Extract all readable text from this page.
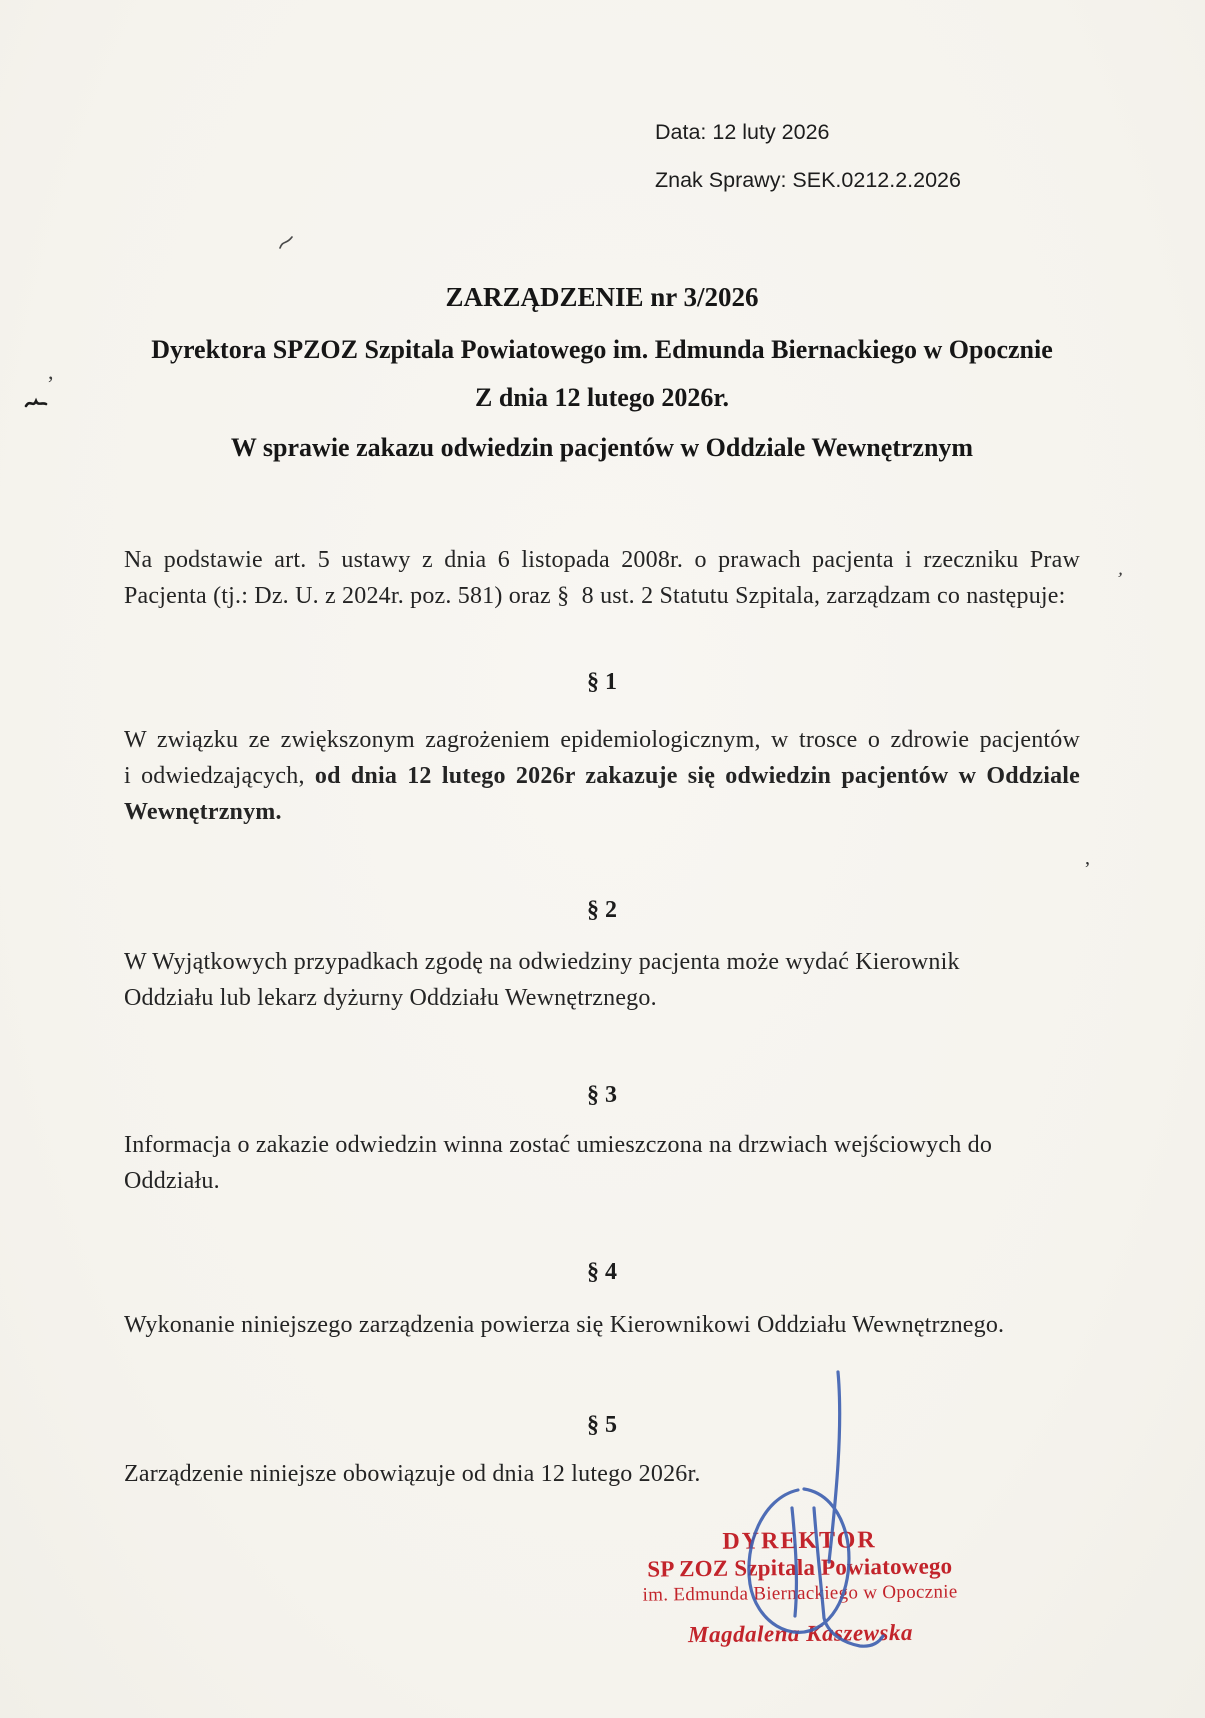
Data: 12 luty 2026
Znak Sprawy: SEK.0212.2.2026
ZARZĄDZENIE nr 3/2026
Dyrektora SPZOZ Szpitala Powiatowego im. Edmunda Biernackiego w Opocznie
Z dnia 12 lutego 2026r.
W sprawie zakazu odwiedzin pacjentów w Oddziale Wewnętrznym
,
Na podstawie art. 5 ustawy z dnia 6 listopada 2008r. o prawach pacjenta i rzeczniku Praw
Pacjenta (tj.: Dz. U. z 2024r. poz. 581) oraz §  8 ust. 2 Statutu Szpitala, zarządzam co następuje:
’
§ 1
W związku ze zwiększonym zagrożeniem epidemiologicznym, w trosce o zdrowie pacjentów
i odwiedzających, od dnia 12 lutego 2026r zakazuje się odwiedzin pacjentów w Oddziale
Wewnętrznym.
,
§ 2
W Wyjątkowych przypadkach zgodę na odwiedziny pacjenta może wydać Kierownik
Oddziału lub lekarz dyżurny Oddziału Wewnętrznego.
§ 3
Informacja o zakazie odwiedzin winna zostać umieszczona na drzwiach wejściowych do
Oddziału.
§ 4
Wykonanie niniejszego zarządzenia powierza się Kierownikowi Oddziału Wewnętrznego.
§ 5
Zarządzenie niniejsze obowiązuje od dnia 12 lutego 2026r.
DYREKTOR
SP ZOZ Szpitala Powiatowego
im. Edmunda Biernackiego w Opocznie
Magdalena Kaszewska
